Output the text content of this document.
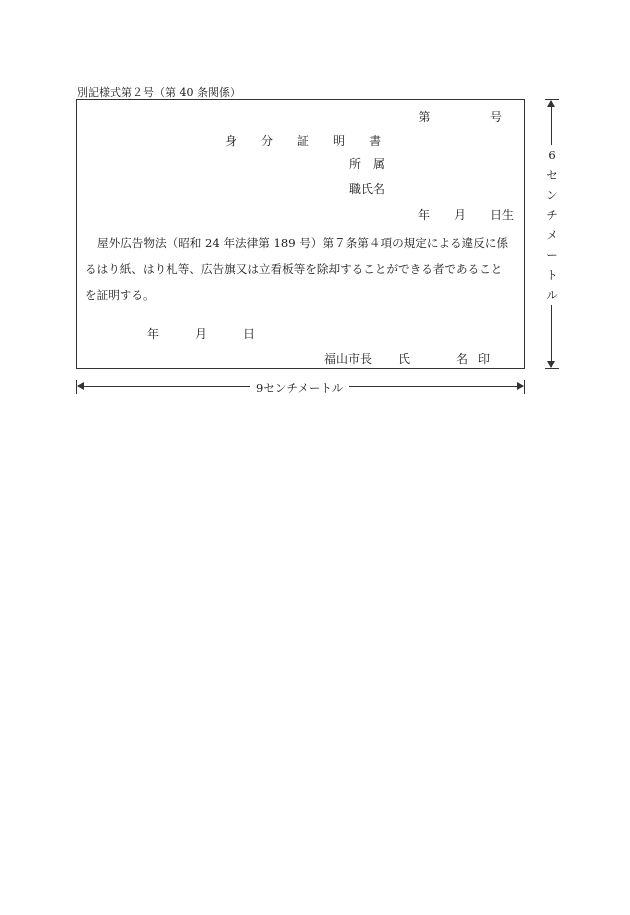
別記様式第２号（第 40 条関係）
第	号
身 分 証 明 書
所　属
職氏名
年 月 日生
屋外広告物法（昭和 24 年法律第 189 号）第７条第４項の規定による違反に係
るはり紙、はり札等、広告旗又は立看板等を除却することができる者であること
を証明する。
年	月	日
福山市長 氏	名 印
6
セ
ン
チ
メ
ー
ト
ル
9センチメートル
